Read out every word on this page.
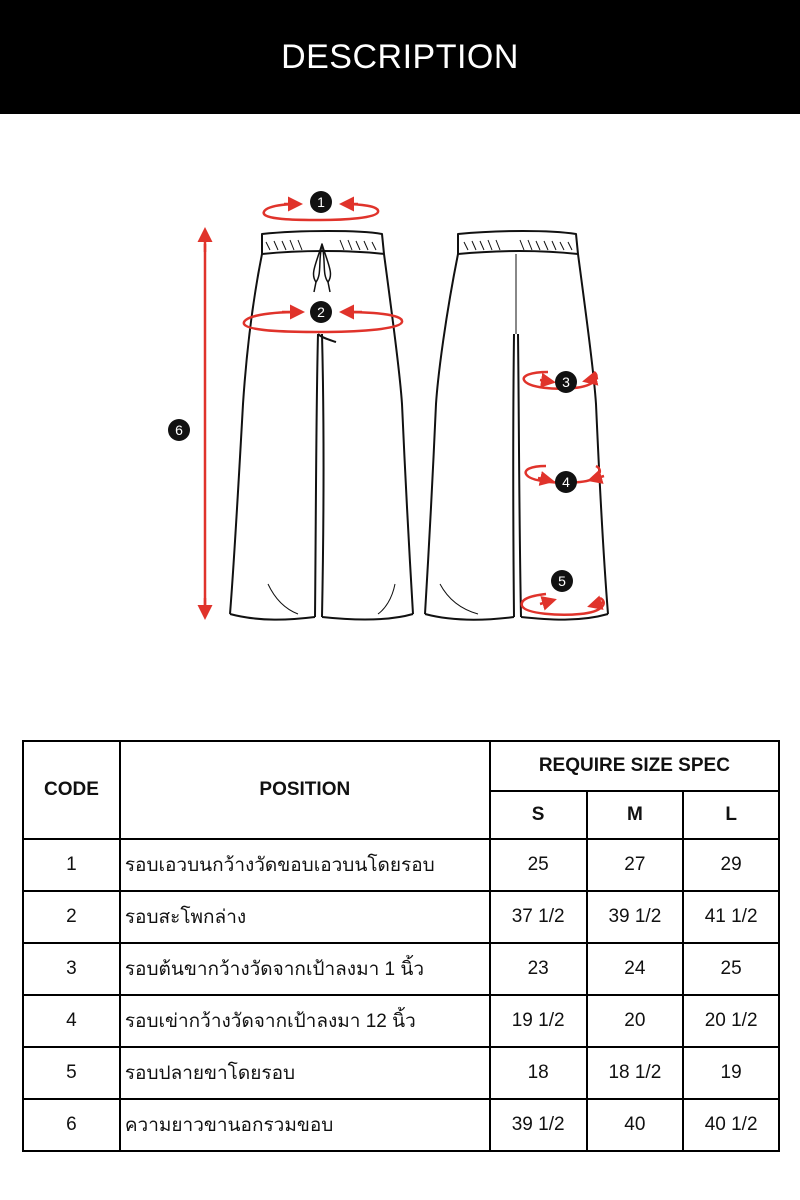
DESCRIPTION
1
2
3
4
5
6
CODE	POSITION	REQUIRE SIZE SPEC		
		S	M	L
1	รอบเอวบนกว้างวัดขอบเอวบนโดยรอบ	25	27	29
2	รอบสะโพกล่าง	37 1/2	39 1/2	41 1/2
3	รอบต้นขากว้างวัดจากเป้าลงมา 1 นิ้ว	23	24	25
4	รอบเข่ากว้างวัดจากเป้าลงมา 12 นิ้ว	19 1/2	20	20 1/2
5	รอบปลายขาโดยรอบ	18	18 1/2	19
6	ความยาวขานอกรวมขอบ	39 1/2	40	40 1/2
